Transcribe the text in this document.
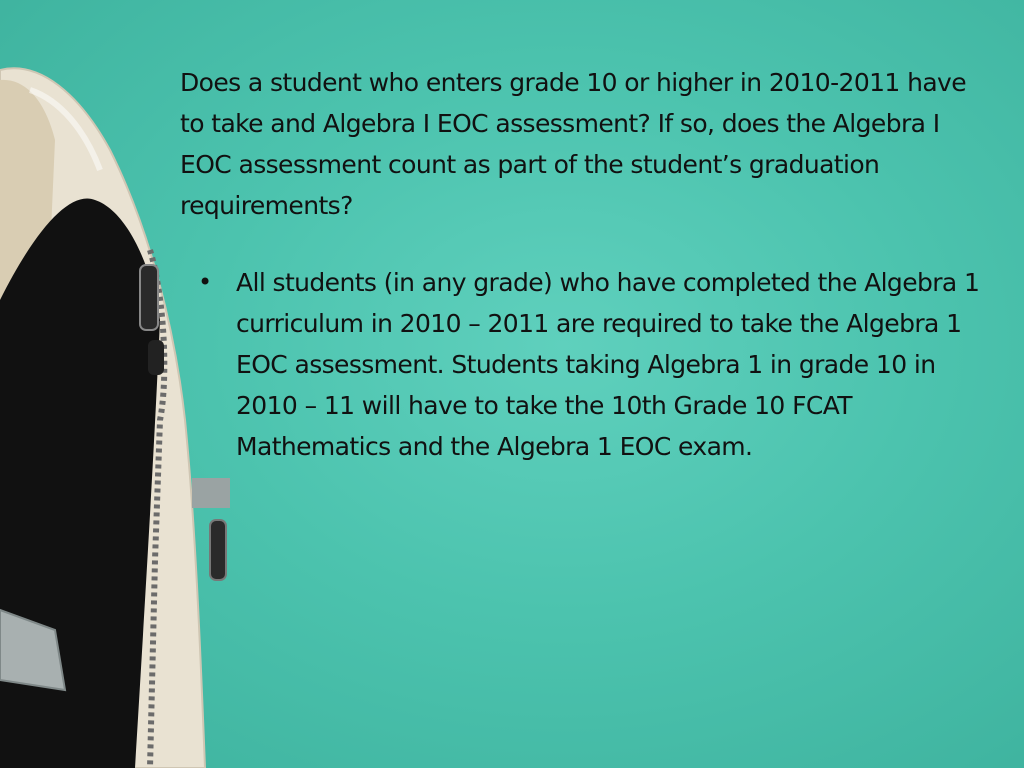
Does a student who enters grade 10 or higher in 2010-2011 have to take and Algebra I EOC assessment? If so, does the Algebra I EOC assessment count as part of the student’s graduation requirements?

• All students (in any grade) who have completed the Algebra 1 curriculum in 2010 – 2011 are required to take the Algebra 1 EOC assessment. Students taking Algebra 1 in grade 10 in 2010 – 11 will have to take the 10th Grade 10 FCAT Mathematics and the Algebra 1 EOC exam.
